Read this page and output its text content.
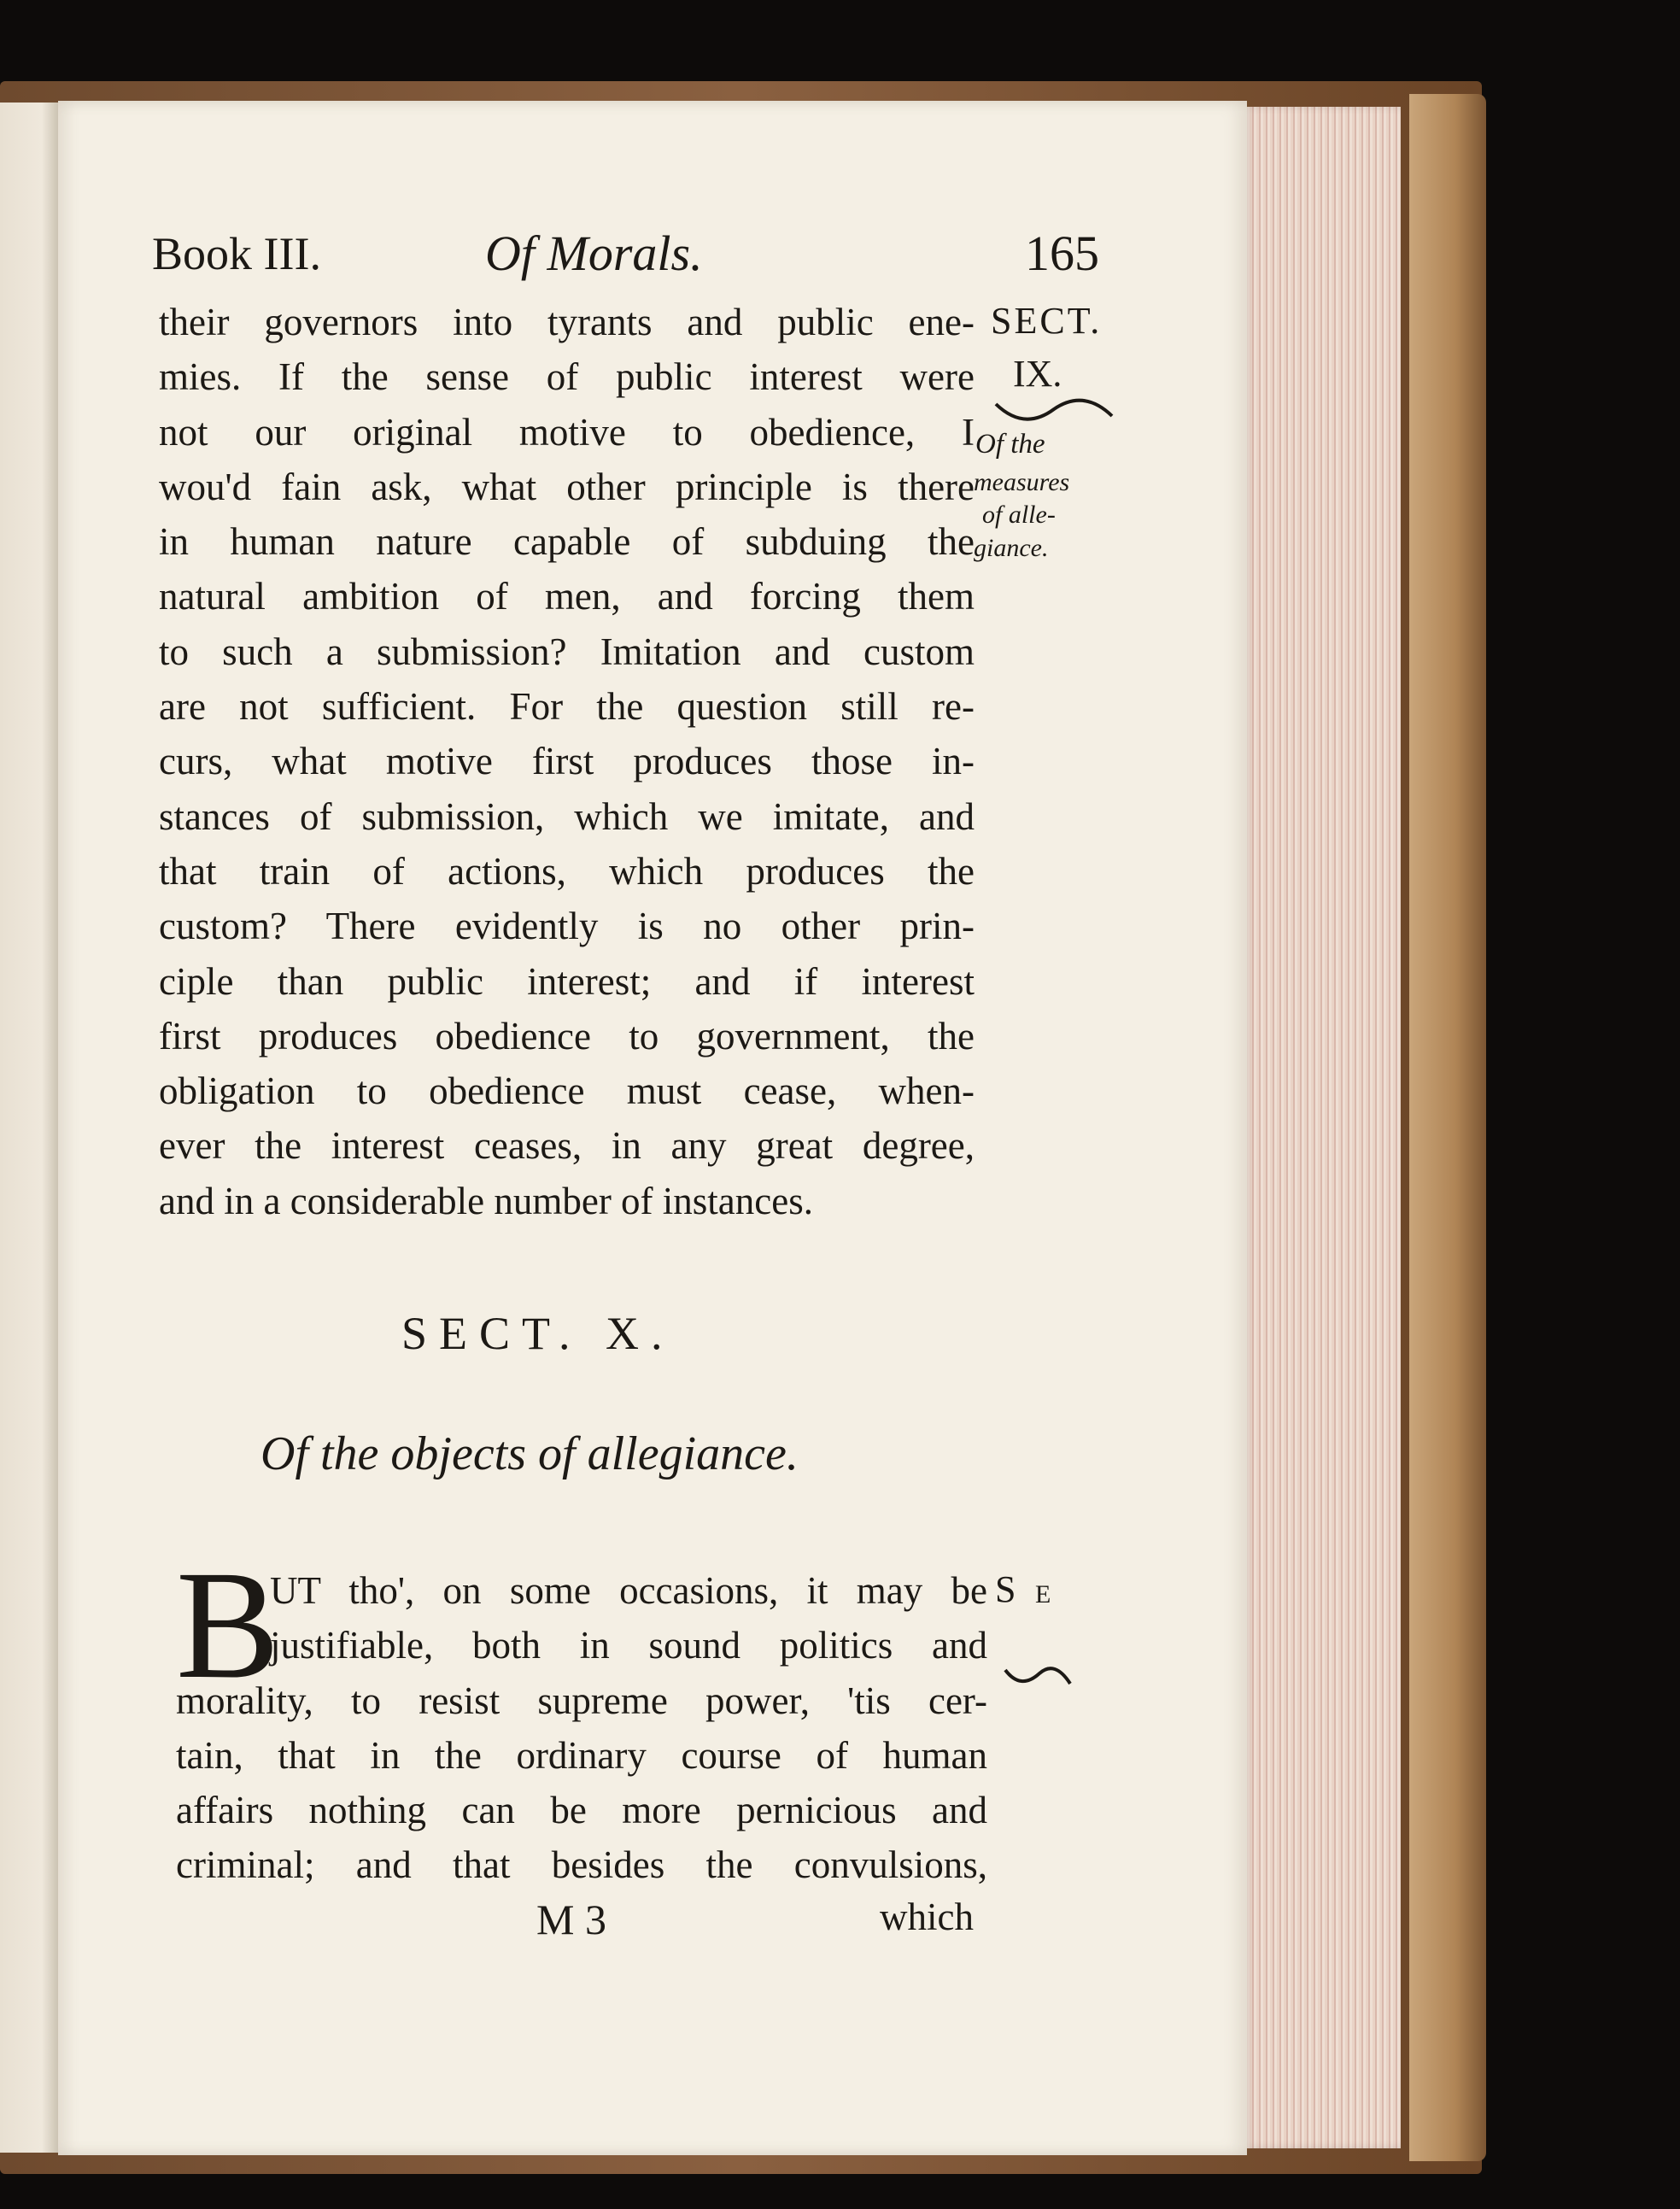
Book III.	Of Morals.	165
SECT.
IX.
Of the
measures
of alle-
giance.
their governors into tyrants and public ene-
mies. If the sense of public interest were
not our original motive to obedience, I
wou'd fain ask, what other principle is there
in human nature capable of subduing the
natural ambition of men, and forcing them
to such a submission? Imitation and custom
are not sufficient. For the question still re-
curs, what motive first produces those in-
stances of submission, which we imitate, and
that train of actions, which produces the
custom? There evidently is no other prin-
ciple than public interest; and if interest
first produces obedience to government, the
obligation to obedience must cease, when-
ever the interest ceases, in any great degree,
and in a considerable number of instances.
SECT. X.
Of the objects of allegiance.
B
UT tho', on some occasions, it may be
justifiable, both in sound politics and
morality, to resist supreme power, 'tis cer-
tain, that in the ordinary course of human
affairs nothing can be more pernicious and
criminal; and that besides the convulsions,
S E
M 3	which
